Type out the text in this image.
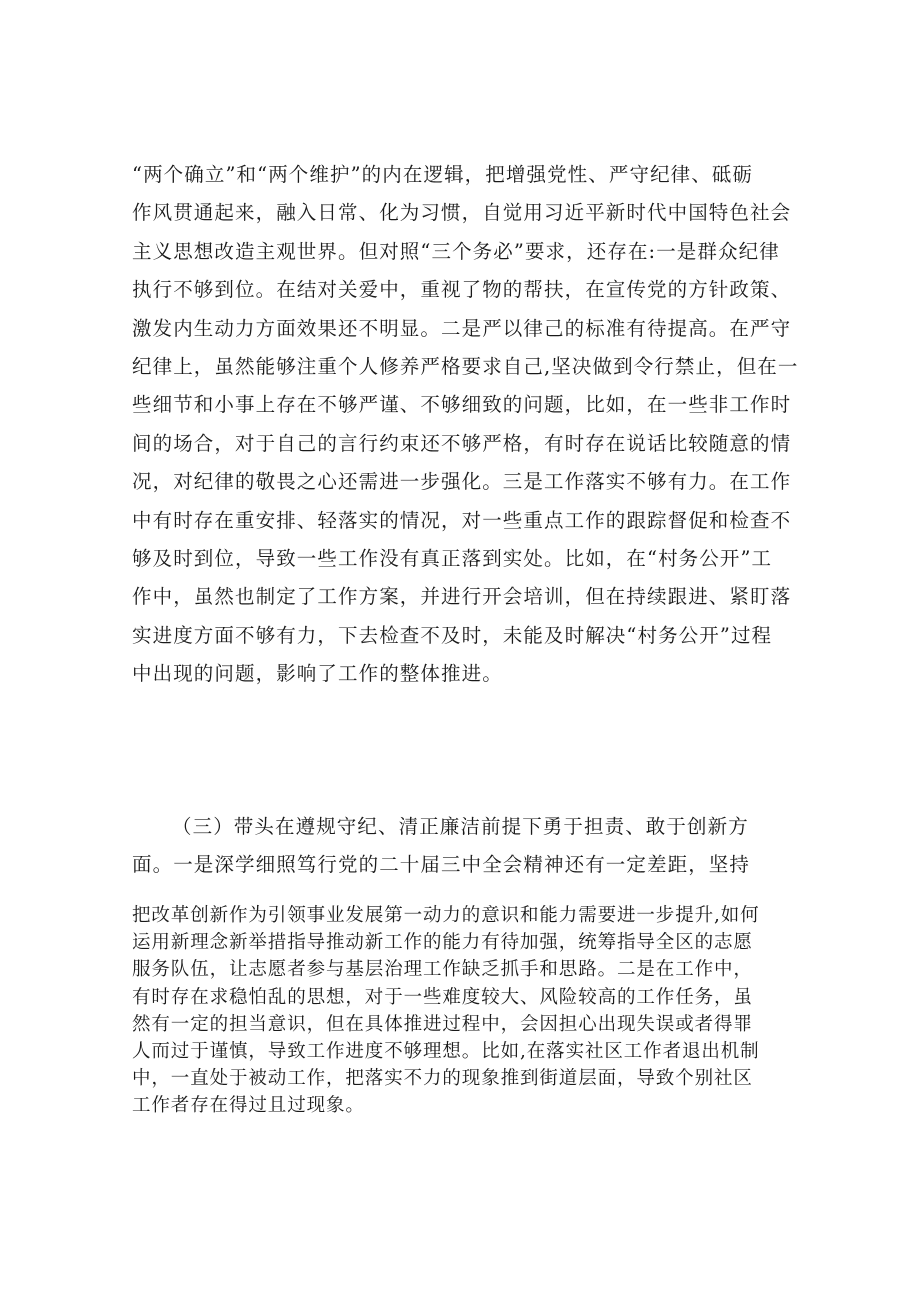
“两个确立”和“两个维护”的内在逻辑，把增强党性、严守纪律、砥砺
作风贯通起来，融入日常、化为习惯，自觉用习近平新时代中国特色社会
主义思想改造主观世界。但对照“三个务必”要求，还存在:一是群众纪律
执行不够到位。在结对关爱中，重视了物的帮扶，在宣传党的方针政策、
激发内生动力方面效果还不明显。二是严以律己的标准有待提高。在严守
纪律上，虽然能够注重个人修养严格要求自己,坚决做到令行禁止，但在一
些细节和小事上存在不够严谨、不够细致的问题，比如，在一些非工作时
间的场合，对于自己的言行约束还不够严格，有时存在说话比较随意的情
况，对纪律的敬畏之心还需进一步强化。三是工作落实不够有力。在工作
中有时存在重安排、轻落实的情况，对一些重点工作的跟踪督促和检查不
够及时到位，导致一些工作没有真正落到实处。比如，在“村务公开”工
作中，虽然也制定了工作方案，并进行开会培训，但在持续跟进、紧盯落
实进度方面不够有力，下去检查不及时，未能及时解决“村务公开”过程
中出现的问题，影响了工作的整体推进。
（三）带头在遵规守纪、清正廉洁前提下勇于担责、敢于创新方
面。一是深学细照笃行党的二十届三中全会精神还有一定差距，坚持
把改革创新作为引领事业发展第一动力的意识和能力需要进一步提升,如何
运用新理念新举措指导推动新工作的能力有待加强，统筹指导全区的志愿
服务队伍，让志愿者参与基层治理工作缺乏抓手和思路。二是在工作中，
有时存在求稳怕乱的思想，对于一些难度较大、风险较高的工作任务，虽
然有一定的担当意识，但在具体推进过程中，会因担心出现失误或者得罪
人而过于谨慎，导致工作进度不够理想。比如,在落实社区工作者退出机制
中，一直处于被动工作，把落实不力的现象推到街道层面，导致个别社区
工作者存在得过且过现象。
